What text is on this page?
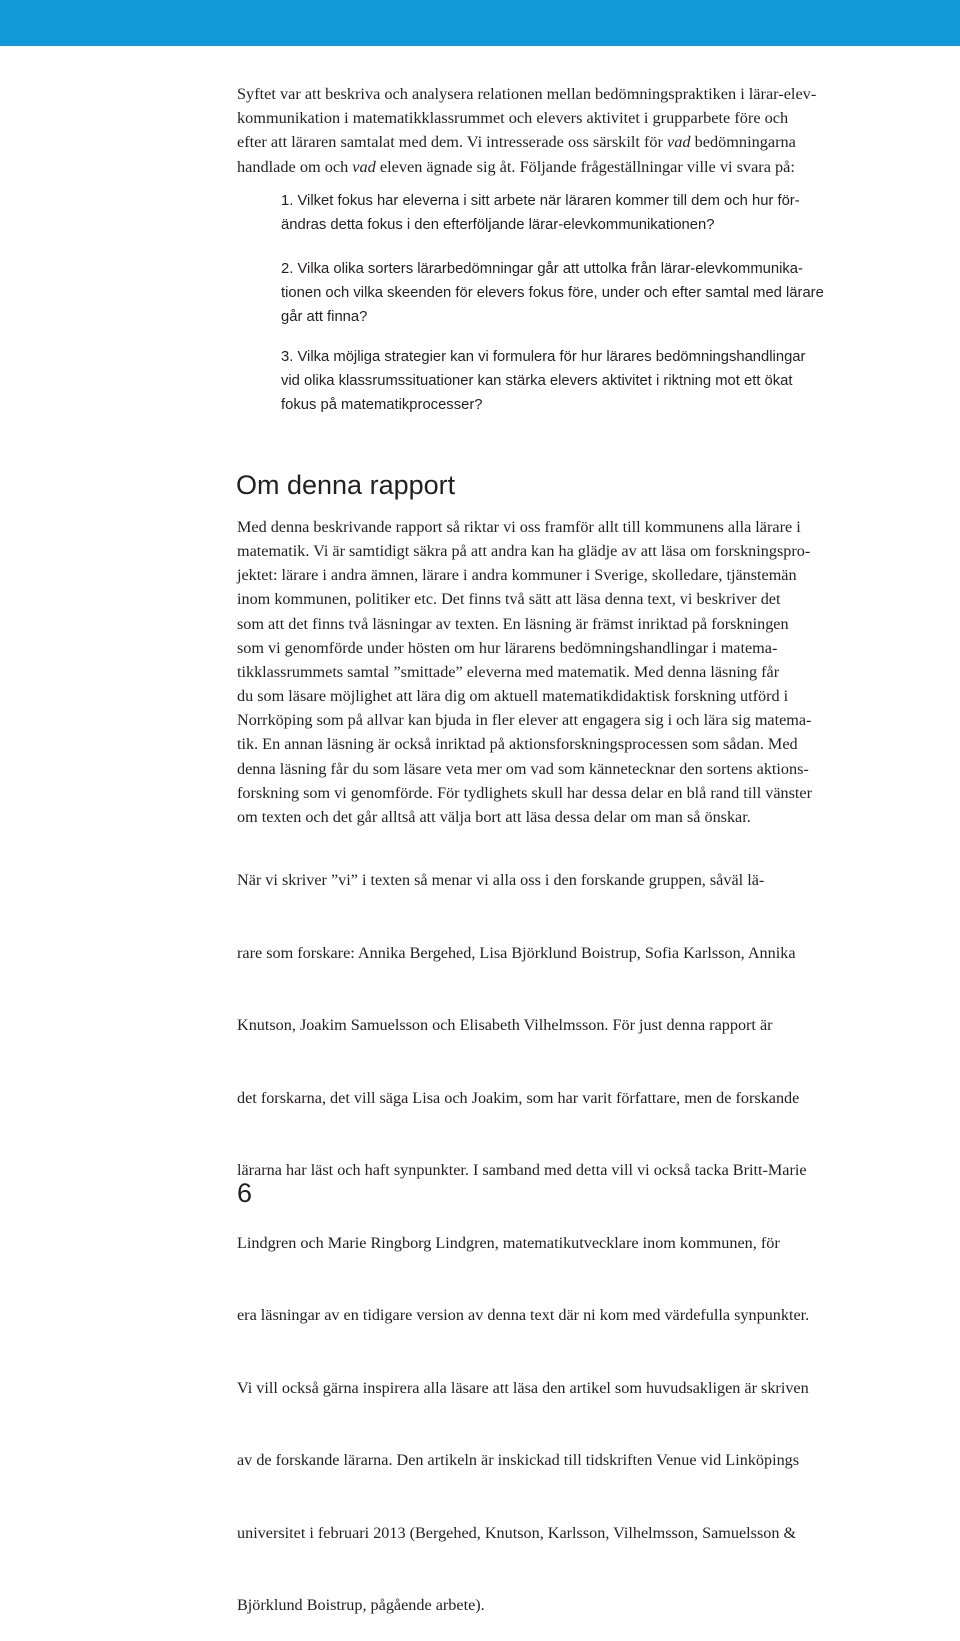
Syftet var att beskriva och analysera relationen mellan bedömningspraktiken i lärar-elev-
kommunikation i matematikklassrummet och elevers aktivitet i grupparbete före och
efter att läraren samtalat med dem. Vi intresserade oss särskilt för vad bedömningarna
handlade om och vad eleven ägnade sig åt. Följande frågeställningar ville vi svara på:
1. Vilket fokus har eleverna i sitt arbete när läraren kommer till dem och hur för-
ändras detta fokus i den efterföljande lärar-elevkommunikationen?
2. Vilka olika sorters lärarbedömningar går att uttolka från lärar-elevkommunika-
tionen och vilka skeenden för elevers fokus före, under och efter samtal med lärare
går att finna?
3. Vilka möjliga strategier kan vi formulera för hur lärares bedömningshandlingar
vid olika klassrumssituationer kan stärka elevers aktivitet i riktning mot ett ökat
fokus på matematikprocesser?
Om denna rapport
Med denna beskrivande rapport så riktar vi oss framför allt till kommunens alla lärare i
matematik. Vi är samtidigt säkra på att andra kan ha glädje av att läsa om forskningspro-
jektet: lärare i andra ämnen, lärare i andra kommuner i Sverige, skolledare, tjänstemän
inom kommunen, politiker etc. Det finns två sätt att läsa denna text, vi beskriver det
som att det finns två läsningar av texten. En läsning är främst inriktad på forskningen
som vi genomförde under hösten om hur lärarens bedömningshandlingar i matema-
tikklassrummets samtal ”smittade” eleverna med matematik. Med denna läsning får
du som läsare möjlighet att lära dig om aktuell matematikdidaktisk forskning utförd i
Norrköping som på allvar kan bjuda in fler elever att engagera sig i och lära sig matema-
tik. En annan läsning är också inriktad på aktionsforskningsprocessen som sådan. Med
denna läsning får du som läsare veta mer om vad som kännetecknar den sortens aktions-
forskning som vi genomförde. För tydlighets skull har dessa delar en blå rand till vänster
om texten och det går alltså att välja bort att läsa dessa delar om man så önskar.

När vi skriver ”vi” i texten så menar vi alla oss i den forskande gruppen, såväl lä-

rare som forskare: Annika Bergehed, Lisa Björklund Boistrup, Sofia Karlsson, Annika

Knutson, Joakim Samuelsson och Elisabeth Vilhelmsson. För just denna rapport är

det forskarna, det vill säga Lisa och Joakim, som har varit författare, men de forskande

lärarna har läst och haft synpunkter. I samband med detta vill vi också tacka Britt-Marie

Lindgren och Marie Ringborg Lindgren, matematikutvecklare inom kommunen, för

era läsningar av en tidigare version av denna text där ni kom med värdefulla synpunkter.

Vi vill också gärna inspirera alla läsare att läsa den artikel som huvudsakligen är skriven

av de forskande lärarna. Den artikeln är inskickad till tidskriften Venue vid Linköpings

universitet i februari 2013 (Bergehed, Knutson, Karlsson, Vilhelmsson, Samuelsson &

Björklund Boistrup, pågående arbete).

6
